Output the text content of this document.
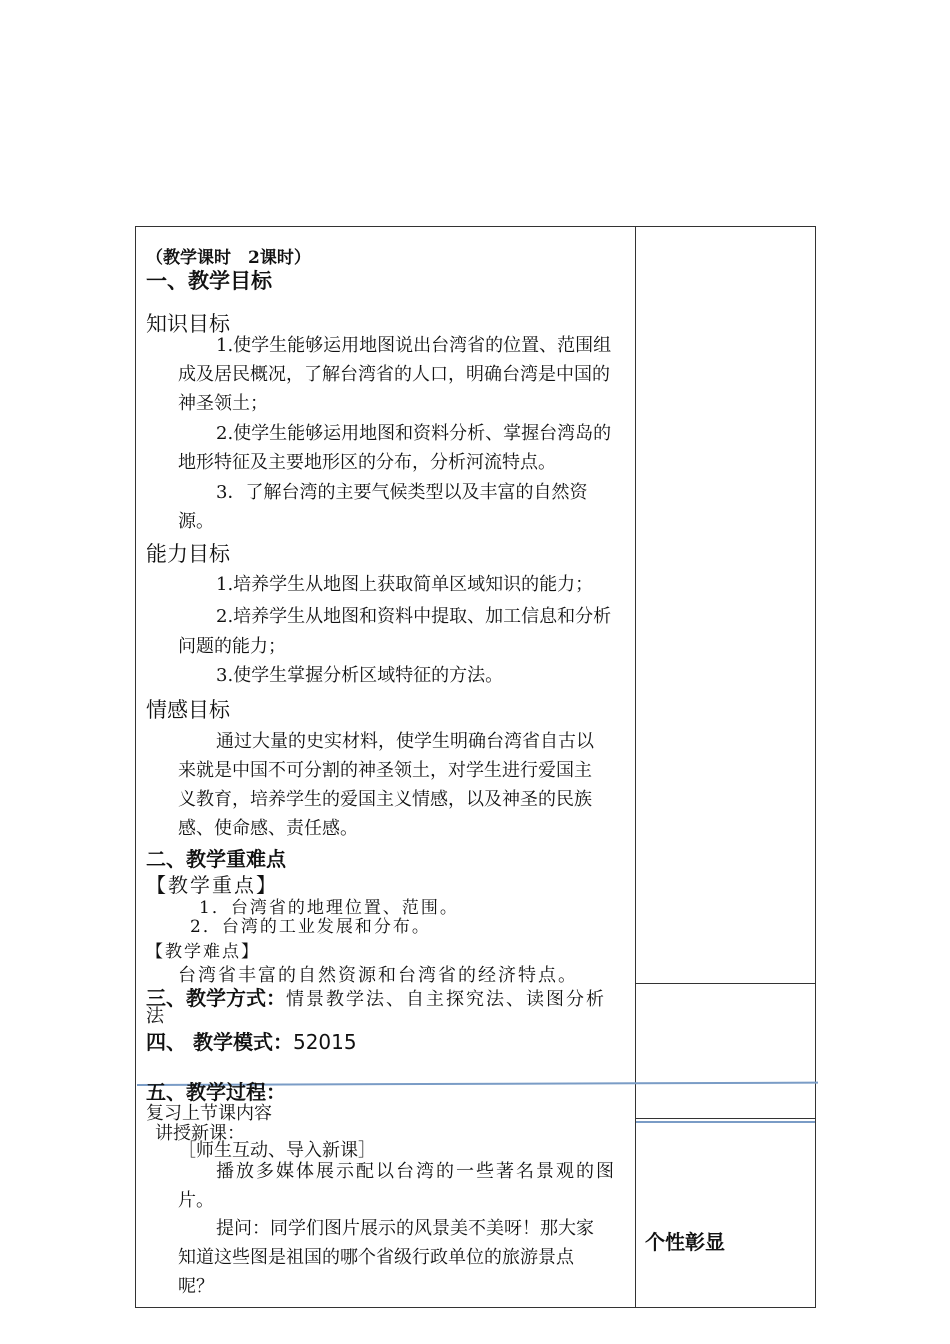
（教学课时　2课时）
一、教学目标
知识目标
1.使学生能够运用地图说出台湾省的位置、范围组
成及居民概况，了解台湾省的人口，明确台湾是中国的
神圣领土；
2.使学生能够运用地图和资料分析、掌握台湾岛的
地形特征及主要地形区的分布，分析河流特点。
3．了解台湾的主要气候类型以及丰富的自然资
源。
能力目标
1.培养学生从地图上获取简单区域知识的能力；
2.培养学生从地图和资料中提取、加工信息和分析
问题的能力；
3.使学生掌握分析区域特征的方法。
情感目标
通过大量的史实材料，使学生明确台湾省自古以
来就是中国不可分割的神圣领土，对学生进行爱国主
义教育，培养学生的爱国主义情感，以及神圣的民族
感、使命感、责任感。
二、教学重难点
【教学重点】
1．台湾省的地理位置、范围。
2．台湾的工业发展和分布。
【教学难点】
台湾省丰富的自然资源和台湾省的经济特点。
三、教学方式：情景教学法、自主探究法、读图分析
法
四、 教学模式：52015
五、教学过程：
复习上节课内容
讲授新课：
［师生互动、导入新课］
播放多媒体展示配以台湾的一些著名景观的图
片。
提问：同学们图片展示的风景美不美呀！那大家
知道这些图是祖国的哪个省级行政单位的旅游景点
呢？
个性彰显
